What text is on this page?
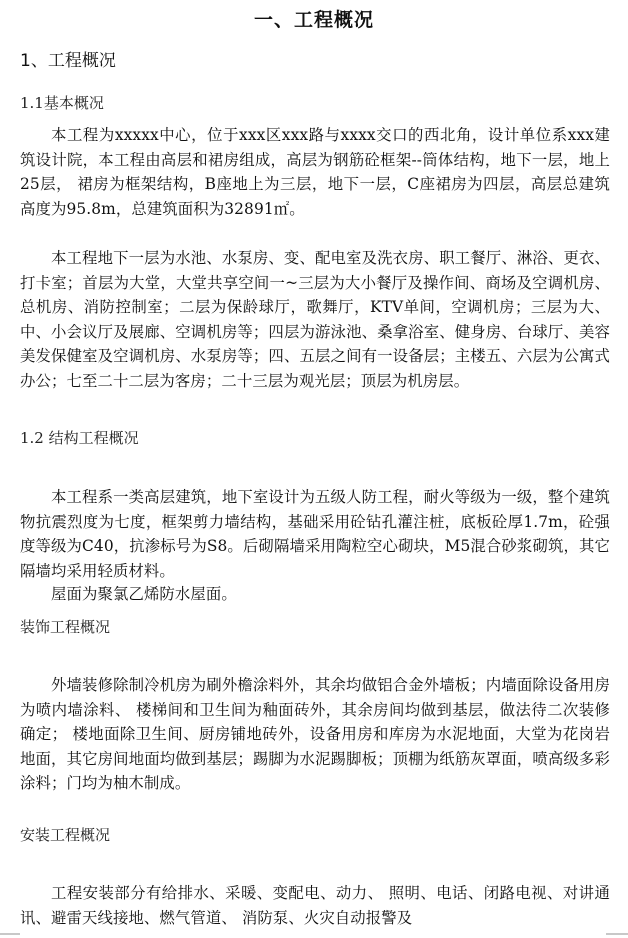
一、工程概况
1、工程概况
1.1基本概况

本工程为xxxxx中心，位于xxx区xxx路与xxxx交口的西北角，设计单位系xxx建筑设计院，本工程由高层和裙房组成，高层为钢筋砼框架--筒体结构，地下一层，地上25层， 裙房为框架结构，B座地上为三层，地下一层，C座裙房为四层，高层总建筑高度为95.8m，总建筑面积为32891㎡。

本工程地下一层为水池、水泵房、变、配电室及洗衣房、职工餐厅、淋浴、更衣、打卡室；首层为大堂，大堂共享空间一~三层为大小餐厅及操作间、商场及空调机房、总机房、消防控制室；二层为保龄球厅，歌舞厅，KTV单间，空调机房；三层为大、中、小会议厅及展廊、空调机房等；四层为游泳池、桑拿浴室、健身房、台球厅、美容美发保健室及空调机房、水泵房等；四、五层之间有一设备层；主楼五、六层为公寓式办公；七至二十二层为客房；二十三层为观光层；顶层为机房层。

1.2 结构工程概况

本工程系一类高层建筑，地下室设计为五级人防工程，耐火等级为一级，整个建筑物抗震烈度为七度，框架剪力墙结构，基础采用砼钻孔灌注桩，底板砼厚1.7m，砼强度等级为C40，抗渗标号为S8。后砌隔墙采用陶粒空心砌块，M5混合砂浆砌筑，其它隔墙均采用轻质材料。

屋面为聚氯乙烯防水屋面。

装饰工程概况

外墙装修除制冷机房为刷外檐涂料外，其余均做铝合金外墙板；内墙面除设备用房为喷内墙涂料、 楼梯间和卫生间为釉面砖外，其余房间均做到基层，做法待二次装修确定； 楼地面除卫生间、厨房铺地砖外，设备用房和库房为水泥地面，大堂为花岗岩地面，其它房间地面均做到基层；踢脚为水泥踢脚板；顶棚为纸筋灰罩面，喷高级多彩涂料；门均为柚木制成。

安装工程概况

工程安装部分有给排水、采暖、变配电、动力、 照明、电话、闭路电视、对讲通讯、避雷天线接地、燃气管道、 消防泵、火灾自动报警及
